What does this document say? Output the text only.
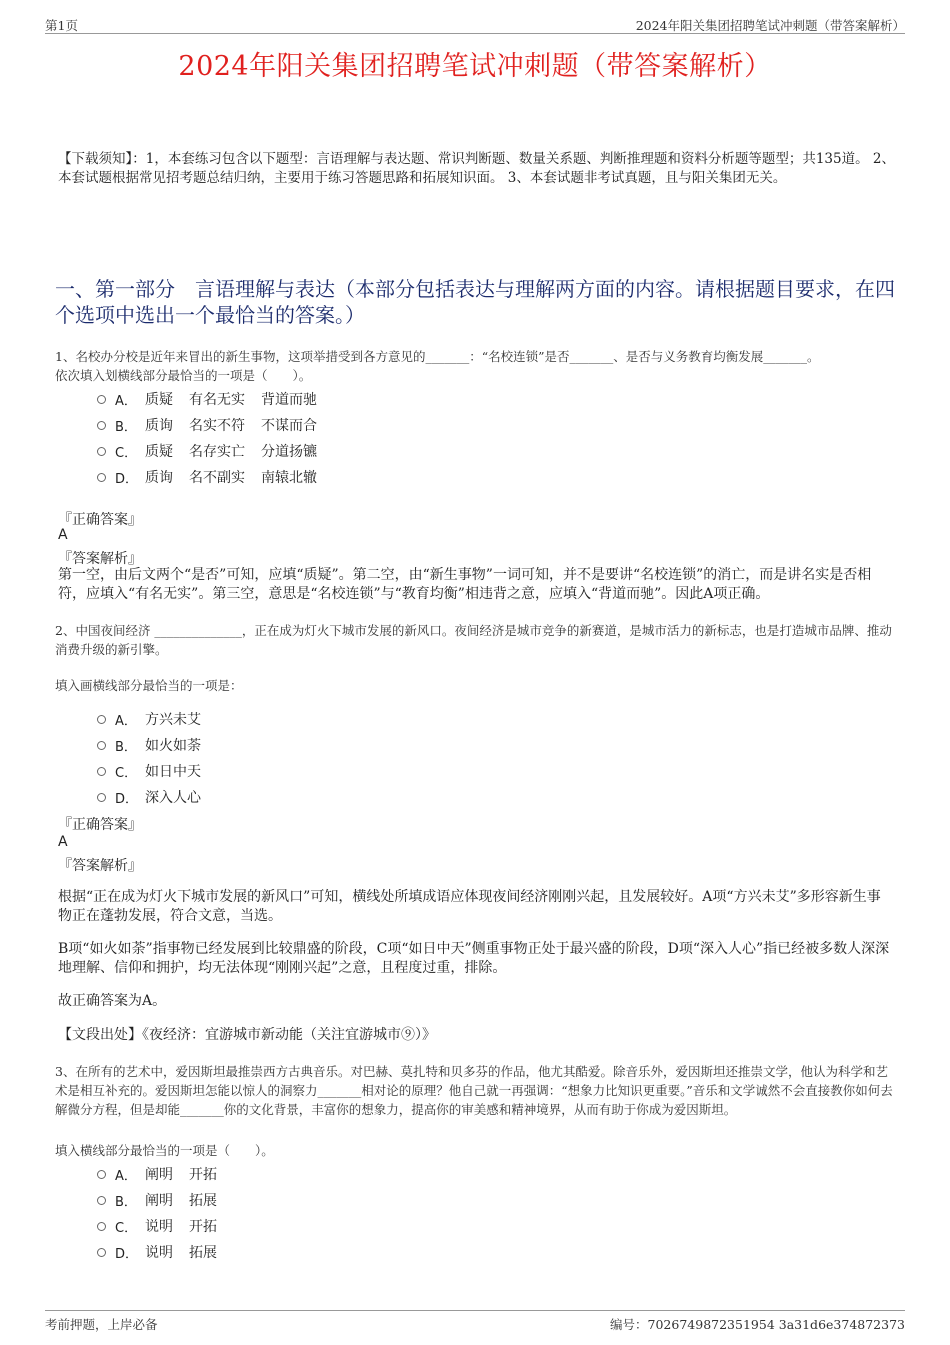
第1页	2024年阳关集团招聘笔试冲刺题（带答案解析）
2024年阳关集团招聘笔试冲刺题（带答案解析）
【下载须知】：1，本套练习包含以下题型：言语理解与表达题、常识判断题、数量关系题、判断推理题和资料分析题等题型；共135道。 2、本套试题根据常见招考题总结归纳，主要用于练习答题思路和拓展知识面。 3、本套试题非考试真题，且与阳关集团无关。
一、第一部分　言语理解与表达（本部分包括表达与理解两方面的内容。请根据题目要求，在四个选项中选出一个最恰当的答案。）
1、名校办分校是近年来冒出的新生事物，这项举措受到各方意见的_______：“名校连锁”是否_______、是否与义务教育均衡发展_______。
依次填入划横线部分最恰当的一项是（　　）。
A． 质疑 有名无实 背道而驰
B． 质询 名实不符 不谋而合
C． 质疑 名存实亡 分道扬镳
D． 质询 名不副实 南辕北辙
『正确答案』
A
『答案解析』
第一空，由后文两个“是否”可知，应填“质疑”。第二空，由“新生事物”一词可知，并不是要讲“名校连锁”的消亡，而是讲名实是否相符，应填入“有名无实”。第三空，意思是“名校连锁”与“教育均衡”相违背之意，应填入“背道而驰”。因此A项正确。
2、中国夜间经济 ______________，正在成为灯火下城市发展的新风口。夜间经济是城市竞争的新赛道，是城市活力的新标志，也是打造城市品牌、推动消费升级的新引擎。
填入画横线部分最恰当的一项是：
A． 方兴未艾
B． 如火如荼
C． 如日中天
D． 深入人心
『正确答案』
A
『答案解析』
根据“正在成为灯火下城市发展的新风口”可知，横线处所填成语应体现夜间经济刚刚兴起，且发展较好。A项“方兴未艾”多形容新生事物正在蓬勃发展，符合文意，当选。
B项“如火如荼”指事物已经发展到比较鼎盛的阶段，C项“如日中天”侧重事物正处于最兴盛的阶段，D项“深入人心”指已经被多数人深深地理解、信仰和拥护，均无法体现“刚刚兴起”之意，且程度过重，排除。
故正确答案为A。
【文段出处】《夜经济：宜游城市新动能（关注宜游城市⑨）》
3、在所有的艺术中，爱因斯坦最推崇西方古典音乐。对巴赫、莫扎特和贝多芬的作品，他尤其酷爱。除音乐外，爱因斯坦还推崇文学，他认为科学和艺术是相互补充的。爱因斯坦怎能以惊人的洞察力_______相对论的原理？他自己就一再强调：“想象力比知识更重要。”音乐和文学诚然不会直接教你如何去解微分方程，但是却能_______你的文化背景，丰富你的想象力，提高你的审美感和精神境界，从而有助于你成为爱因斯坦。
填入横线部分最恰当的一项是（　　）。
A． 阐明 开拓
B． 阐明 拓展
C． 说明 开拓
D． 说明 拓展
考前押题，上岸必备	编号：7026749872351954 3a31d6e374872373
